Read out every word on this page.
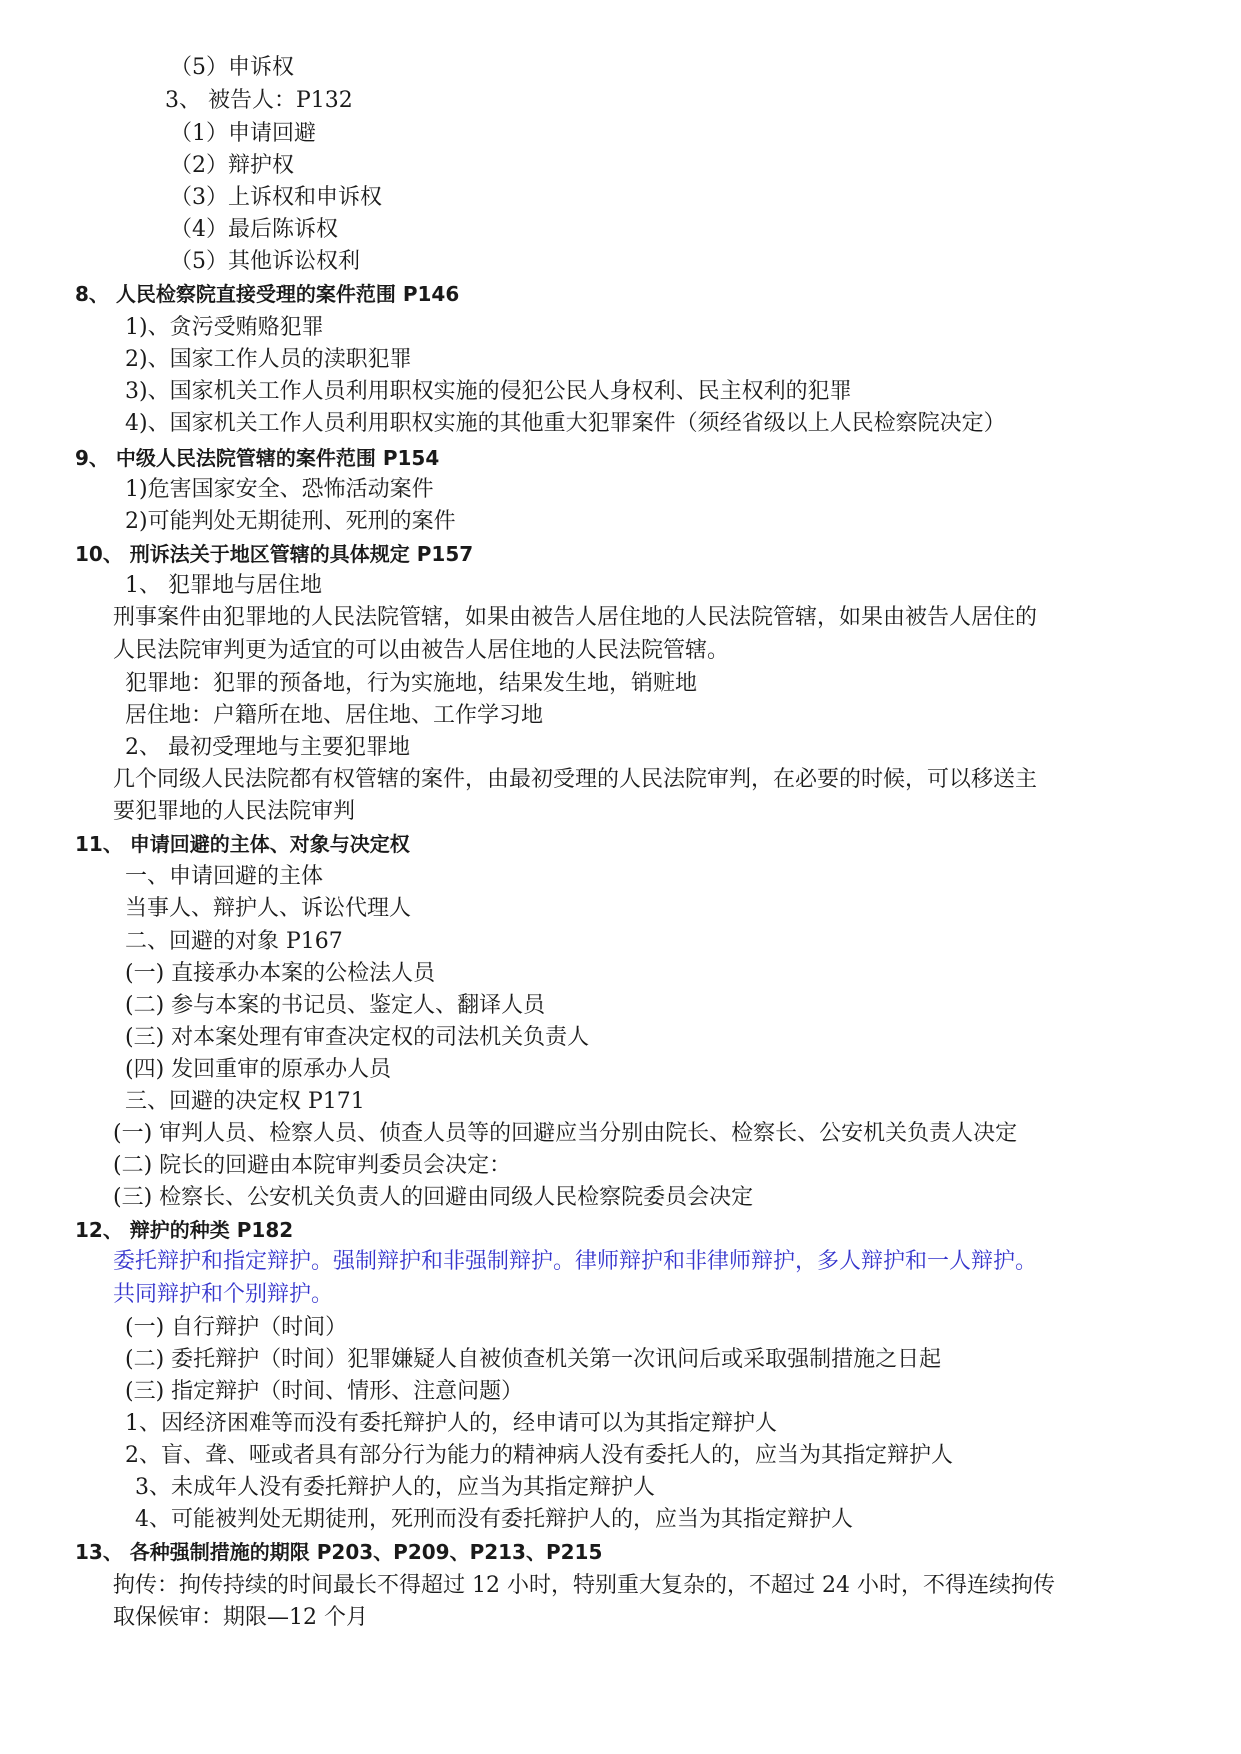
（5）申诉权
3、 被告人：P132
（1）申请回避
（2）辩护权
（3）上诉权和申诉权
（4）最后陈诉权
（5）其他诉讼权利
8、 人民检察院直接受理的案件范围 P146
1)、贪污受贿赂犯罪
2)、国家工作人员的渎职犯罪
3)、国家机关工作人员利用职权实施的侵犯公民人身权利、民主权利的犯罪
4)、国家机关工作人员利用职权实施的其他重大犯罪案件（须经省级以上人民检察院决定）
9、 中级人民法院管辖的案件范围 P154
1)危害国家安全、恐怖活动案件
2)可能判处无期徒刑、死刑的案件
10、 刑诉法关于地区管辖的具体规定 P157
1、 犯罪地与居住地
刑事案件由犯罪地的人民法院管辖，如果由被告人居住地的人民法院管辖，如果由被告人居住的
人民法院审判更为适宜的可以由被告人居住地的人民法院管辖。
犯罪地：犯罪的预备地，行为实施地，结果发生地，销赃地
居住地：户籍所在地、居住地、工作学习地
2、 最初受理地与主要犯罪地
几个同级人民法院都有权管辖的案件，由最初受理的人民法院审判，在必要的时候，可以移送主
要犯罪地的人民法院审判
11、 申请回避的主体、对象与决定权
一、申请回避的主体
当事人、辩护人、诉讼代理人
二、回避的对象 P167
(一) 直接承办本案的公检法人员
(二) 参与本案的书记员、鉴定人、翻译人员
(三) 对本案处理有审查决定权的司法机关负责人
(四) 发回重审的原承办人员
三、回避的决定权 P171
(一) 审判人员、检察人员、侦查人员等的回避应当分别由院长、检察长、公安机关负责人决定
(二) 院长的回避由本院审判委员会决定：
(三) 检察长、公安机关负责人的回避由同级人民检察院委员会决定
12、 辩护的种类 P182
委托辩护和指定辩护。强制辩护和非强制辩护。律师辩护和非律师辩护，多人辩护和一人辩护。
共同辩护和个别辩护。
(一) 自行辩护（时间）
(二) 委托辩护（时间）犯罪嫌疑人自被侦查机关第一次讯问后或采取强制措施之日起
(三) 指定辩护（时间、情形、注意问题）
1、因经济困难等而没有委托辩护人的，经申请可以为其指定辩护人
2、盲、聋、哑或者具有部分行为能力的精神病人没有委托人的，应当为其指定辩护人
3、未成年人没有委托辩护人的，应当为其指定辩护人
4、可能被判处无期徒刑，死刑而没有委托辩护人的，应当为其指定辩护人
13、 各种强制措施的期限 P203、P209、P213、P215
拘传：拘传持续的时间最长不得超过 12 小时，特别重大复杂的，不超过 24 小时，不得连续拘传
取保候审：期限—12 个月
